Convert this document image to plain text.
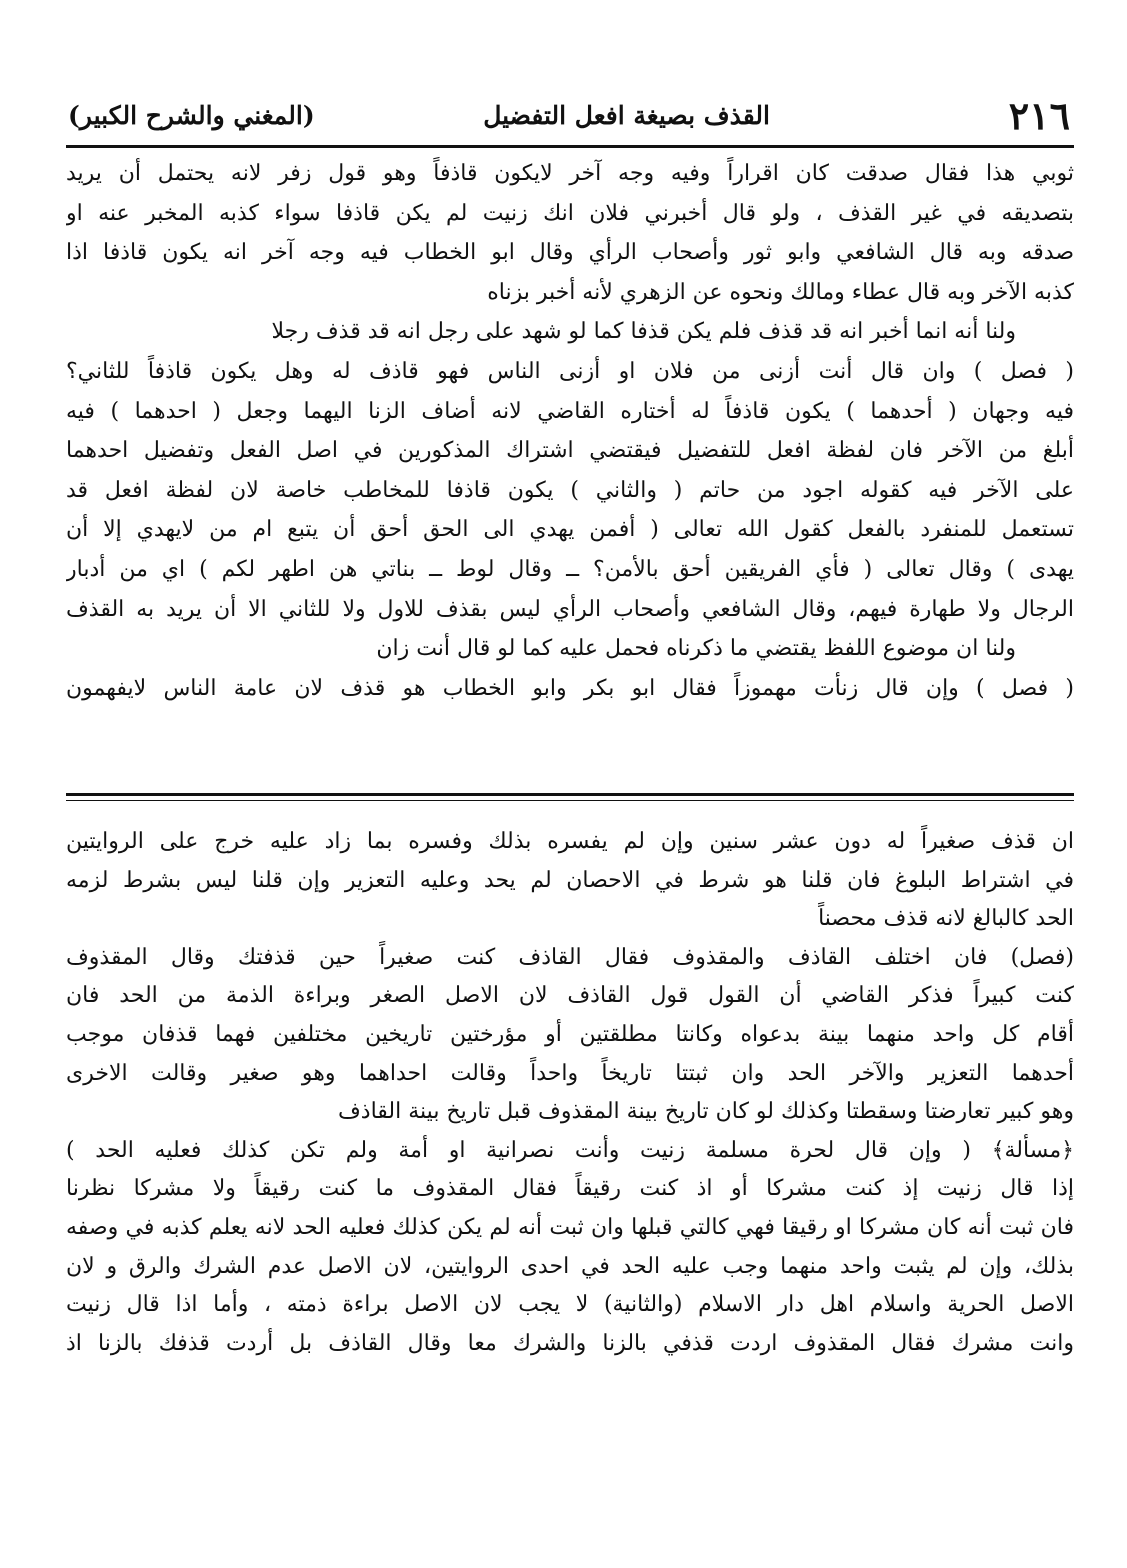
٢١٦
القذف بصيغة افعل التفضيل
(المغني والشرح الكبير)
ثوبي هذا فقال صدقت كان اقراراً وفيه وجه آخر لايكون قاذفاً وهو قول زفر لانه يحتمل أن يريد
بتصديقه في غير القذف ، ولو قال أخبرني فلان انك زنيت لم يكن قاذفا سواء كذبه المخبر عنه او
صدقه وبه قال الشافعي وابو ثور وأصحاب الرأي وقال ابو الخطاب فيه وجه آخر انه يكون قاذفا اذا
كذبه الآخر وبه قال عطاء ومالك ونحوه عن الزهري لأنه أخبر بزناه
ولنا أنه انما أخبر انه قد قذف فلم يكن قذفا كما لو شهد على رجل انه قد قذف رجلا
( فصل ) وان قال أنت أزنى من فلان او أزنى الناس فهو قاذف له وهل يكون قاذفاً للثاني؟
فيه وجهان ( أحدهما ) يكون قاذفاً له أختاره القاضي لانه أضاف الزنا اليهما وجعل ( احدهما ) فيه
أبلغ من الآخر فان لفظة افعل للتفضيل فيقتضي اشتراك المذكورين في اصل الفعل وتفضيل احدهما
على الآخر فيه كقوله اجود من حاتم ( والثاني ) يكون قاذفا للمخاطب خاصة لان لفظة افعل قد
تستعمل للمنفرد بالفعل كقول الله تعالى ( أفمن يهدي الى الحق أحق أن يتبع ام من لايهدي إلا أن
يهدى ) وقال تعالى ( فأي الفريقين أحق بالأمن؟ ــ وقال لوط ــ بناتي هن اطهر لكم ) اي من أدبار
الرجال ولا طهارة فيهم، وقال الشافعي وأصحاب الرأي ليس بقذف للاول ولا للثاني الا أن يريد به القذف
ولنا ان موضوع اللفظ يقتضي ما ذكرناه فحمل عليه كما لو قال أنت زان
( فصل ) وإن قال زنأت مهموزاً فقال ابو بكر وابو الخطاب هو قذف لان عامة الناس لايفهمون
ان قذف صغيراً له دون عشر سنين وإن لم يفسره بذلك وفسره بما زاد عليه خرج على الروايتين
في اشتراط البلوغ فان قلنا هو شرط في الاحصان لم يحد وعليه التعزير وإن قلنا ليس بشرط لزمه
الحد كالبالغ لانه قذف محصناً
(فصل) فان اختلف القاذف والمقذوف فقال القاذف كنت صغيراً حين قذفتك وقال المقذوف
كنت كبيراً فذكر القاضي أن القول قول القاذف لان الاصل الصغر وبراءة الذمة من الحد فان
أقام كل واحد منهما بينة بدعواه وكانتا مطلقتين أو مؤرختين تاريخين مختلفين فهما قذفان موجب
أحدهما التعزير والآخر الحد وان ثبتتا تاريخاً واحداً وقالت احداهما وهو صغير وقالت الاخرى
وهو كبير تعارضتا وسقطتا وكذلك لو كان تاريخ بينة المقذوف قبل تاريخ بينة القاذف
﴿مسألة﴾ ( وإن قال لحرة مسلمة زنيت وأنت نصرانية او أمة ولم تكن كذلك فعليه الحد )
إذا قال زنيت إذ كنت مشركا أو اذ كنت رقيقاً فقال المقذوف ما كنت رقيقاً ولا مشركا نظرنا
فان ثبت أنه كان مشركا او رقيقا فهي كالتي قبلها وان ثبت أنه لم يكن كذلك فعليه الحد لانه يعلم كذبه في وصفه
بذلك، وإن لم يثبت واحد منهما وجب عليه الحد في احدى الروايتين، لان الاصل عدم الشرك والرق و لان
الاصل الحرية واسلام اهل دار الاسلام (والثانية) لا يجب لان الاصل براءة ذمته ، وأما اذا قال زنيت
وانت مشرك فقال المقذوف اردت قذفي بالزنا والشرك معا وقال القاذف بل أردت قذفك بالزنا اذ
